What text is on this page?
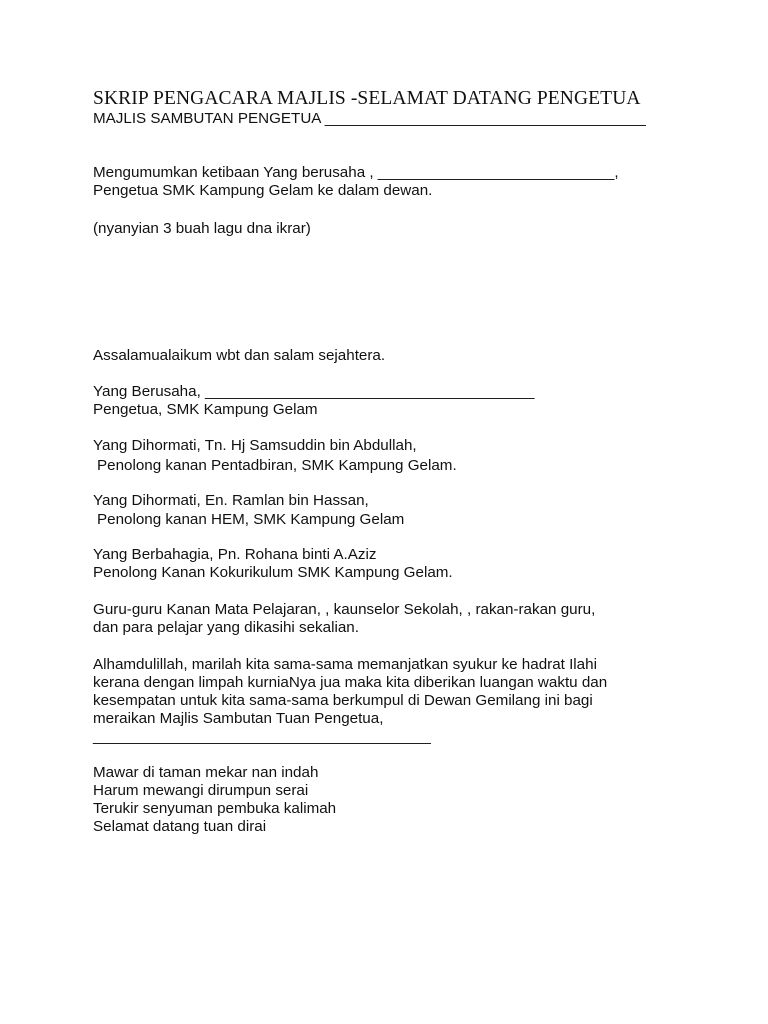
SKRIP PENGACARA MAJLIS -SELAMAT DATANG PENGETUA
MAJLIS SAMBUTAN PENGETUA ______________________________________
Mengumumkan ketibaan Yang berusaha , ____________________________,
Pengetua SMK Kampung Gelam ke dalam dewan.
(nyanyian 3 buah lagu dna ikrar)
Assalamualaikum wbt dan salam sejahtera.
Yang Berusaha, _______________________________________
Pengetua, SMK Kampung Gelam
Yang Dihormati, Tn. Hj Samsuddin bin Abdullah,
Penolong kanan Pentadbiran, SMK Kampung Gelam.
Yang Dihormati, En. Ramlan bin Hassan,
Penolong kanan HEM, SMK Kampung Gelam
Yang Berbahagia, Pn. Rohana binti A.Aziz
Penolong Kanan Kokurikulum SMK Kampung Gelam.
Guru-guru Kanan Mata Pelajaran, , kaunselor Sekolah, , rakan-rakan guru,
dan para pelajar yang dikasihi sekalian.
Alhamdulillah, marilah kita sama-sama memanjatkan syukur ke hadrat Ilahi
kerana dengan limpah kurniaNya jua maka kita diberikan luangan waktu dan
kesempatan untuk kita sama-sama berkumpul di Dewan Gemilang ini bagi
meraikan Majlis Sambutan Tuan Pengetua,
________________________________________
Mawar di taman mekar nan indah
Harum mewangi dirumpun serai
Terukir senyuman pembuka kalimah
Selamat datang tuan dirai
